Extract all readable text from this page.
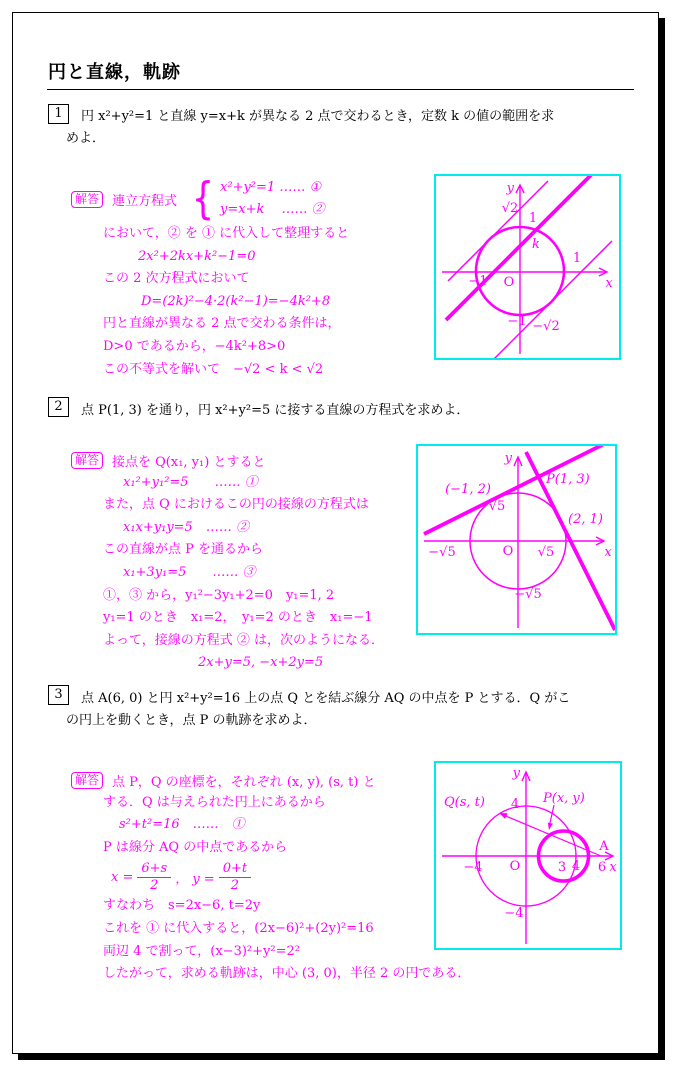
円と直線，軌跡
1	円 x²+y²=1 と直線 y=x+k が異なる 2 点で交わるとき，定数 k の値の範囲を求
めよ．
解答	連立方程式 { x²+y²=1 …… ①
y=x+k　 …… ②
において，② を ① に代入して整理すると
2x²+2kx+k²−1=0
この 2 次方程式において
D=(2k)²−4·2(k²−1)=−4k²+8
円と直線が異なる 2 点で交わる条件は，
D>0 であるから，−4k²+8>0
この不等式を解いて　−√2 < k < √2
y
x
O
√2
1
k
1
−1
−1 −√2
2	点 P(1, 3) を通り，円 x²+y²=5 に接する直線の方程式を求めよ．
解答	接点を Q(x₁, y₁) とすると
x₁²+y₁²=5　　…… ①
また，点 Q におけるこの円の接線の方程式は
x₁x+y₁y=5　…… ②
この直線が点 P を通るから
x₁+3y₁=5　　…… ③
①，③ から，y₁²−3y₁+2=0　y₁=1, 2
y₁=1 のとき　x₁=2，　y₁=2 のとき　x₁=−1
よって，接線の方程式 ② は，次のようになる．
2x+y=5, −x+2y=5
y
x
O
P(1, 3)
(−1, 2)
(2, 1)
√5
−√5	√5
−√5
3	点 A(6, 0) と円 x²+y²=16 上の点 Q とを結ぶ線分 AQ の中点を P とする．Q がこ
の円上を動くとき，点 P の軌跡を求めよ．
解答	点 P，Q の座標を，それぞれ (x, y), (s, t) と
する．Q は与えられた円上にあるから
s²+t²=16　……　①
P は線分 AQ の中点であるから
$x = \frac{6+s}{2}$ ， $y = \frac{0+t}{2}$
すなわち　s=2x−6, t=2y
これを ① に代入すると，(2x−6)²+(2y)²=16
両辺 4 で割って，(x−3)²+y²=2²
したがって，求める軌跡は，中心 (3, 0)，半径 2 の円である．
y
x
O
Q(s, t)	P(x, y)
A
4
−4
−4	3 4 6
